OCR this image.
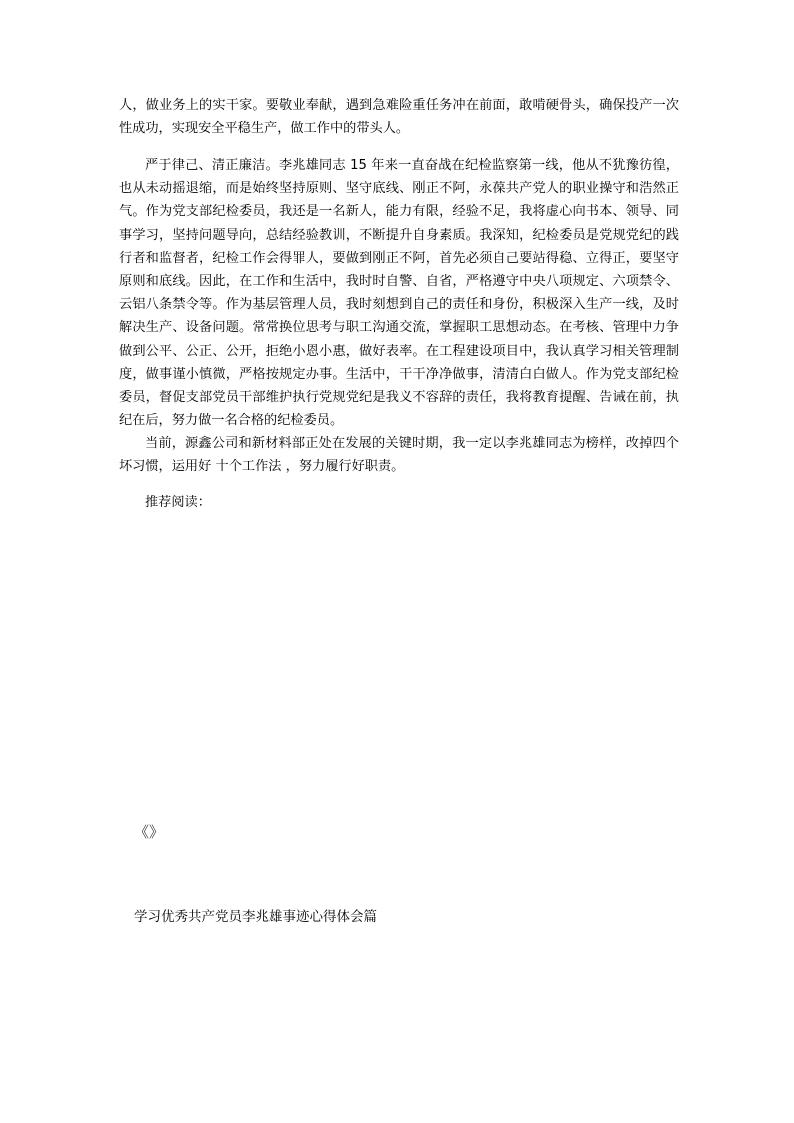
人，做业务上的实干家。要敬业奉献，遇到急难险重任务冲在前面，敢啃硬骨头，确保投产一次性成功，实现安全平稳生产，做工作中的带头人。

严于律己、清正廉洁。李兆雄同志 15 年来一直奋战在纪检监察第一线，他从不犹豫彷徨，也从未动摇退缩，而是始终坚持原则、坚守底线、刚正不阿，永葆共产党人的职业操守和浩然正气。作为党支部纪检委员，我还是一名新人，能力有限，经验不足，我将虚心向书本、领导、同事学习，坚持问题导向，总结经验教训，不断提升自身素质。我深知，纪检委员是党规党纪的践行者和监督者，纪检工作会得罪人，要做到刚正不阿，首先必须自己要站得稳、立得正，要坚守原则和底线。因此，在工作和生活中，我时时自警、自省，严格遵守中央八项规定、六项禁令、云铝八条禁令等。作为基层管理人员，我时刻想到自己的责任和身份，积极深入生产一线，及时解决生产、设备问题。常常换位思考与职工沟通交流，掌握职工思想动态。在考核、管理中力争做到公平、公正、公开，拒绝小恩小惠，做好表率。在工程建设项目中，我认真学习相关管理制度，做事谨小慎微，严格按规定办事。生活中，干干净净做事，清清白白做人。作为党支部纪检委员，督促支部党员干部维护执行党规党纪是我义不容辞的责任，我将教育提醒、告诫在前，执纪在后，努力做一名合格的纪检委员。

当前，源鑫公司和新材料部正处在发展的关键时期，我一定以李兆雄同志为榜样，改掉四个坏习惯，运用好 十个工作法 ，努力履行好职责。

推荐阅读：

《》

学习优秀共产党员李兆雄事迹心得体会篇
